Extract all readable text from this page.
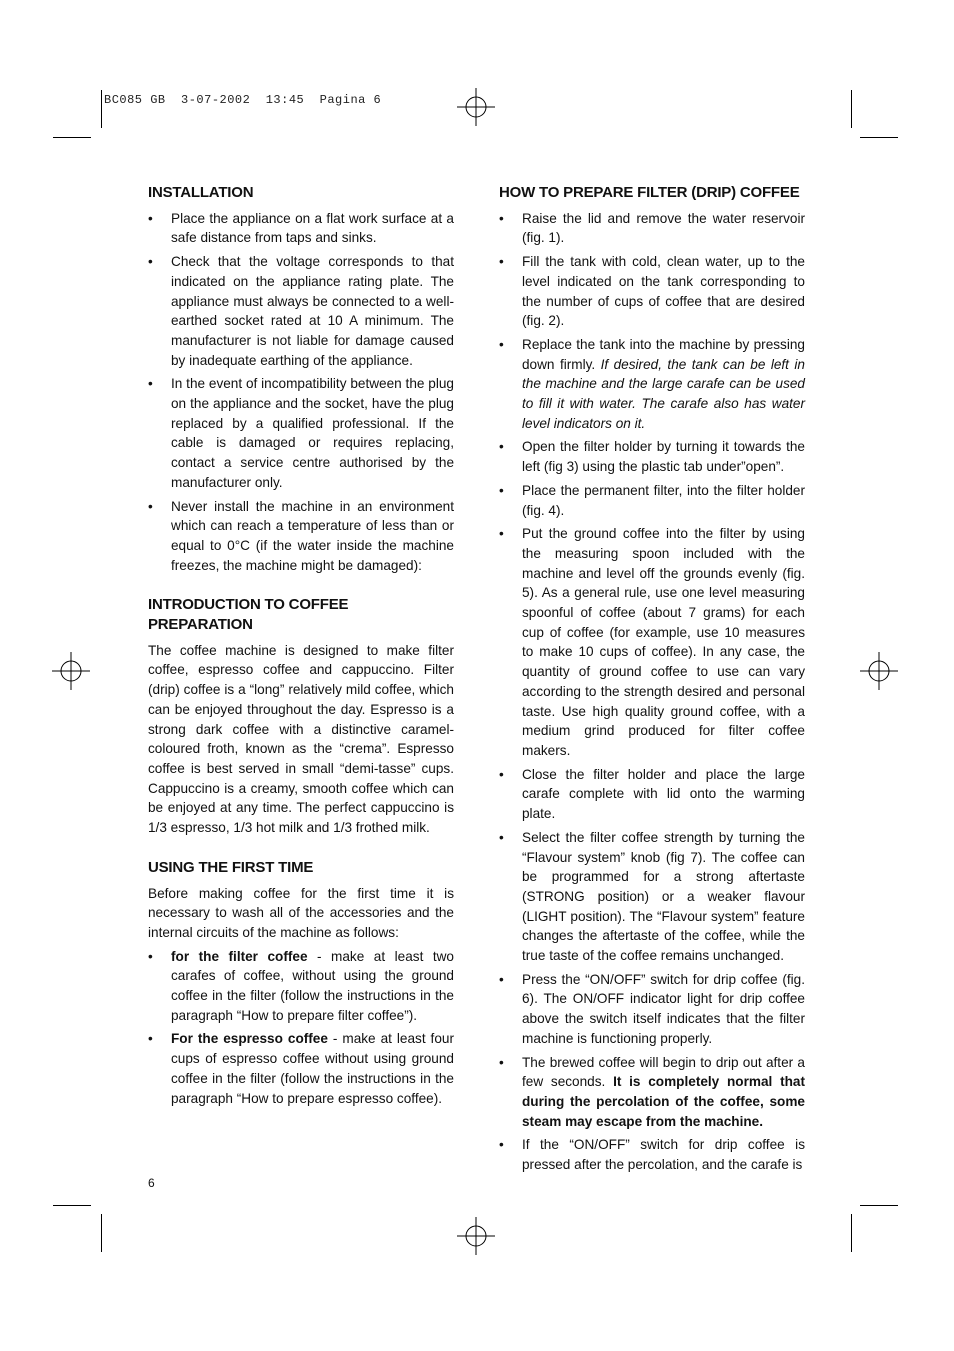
BC085 GB  3-07-2002  13:45  Pagina 6
INSTALLATION
• Place the appliance on a flat work surface at a safe distance from taps and sinks.
• Check that the voltage corresponds to that indicated on the appliance rating plate. The appliance must always be connected to a well-earthed socket rated at 10 A minimum. The manufacturer is not liable for damage caused by inadequate earthing of the appliance.
• In the event of incompatibility between the plug on the appliance and the socket, have the plug replaced by a qualified professional. If the cable is damaged or requires replacing, contact a service centre authorised by the manufacturer only.
• Never install the machine in an environment which can reach a temperature of less than or equal to 0°C (if the water inside the machine freezes, the machine might be damaged):
INTRODUCTION TO COFFEE PREPARATION

The coffee machine is designed to make filter coffee, espresso coffee and cappuccino. Filter (drip) coffee is a “long” relatively mild coffee, which can be enjoyed throughout the day. Espresso is a strong dark coffee with a distinctive caramel-coloured froth, known as the “crema”. Espresso coffee is best served in small “demi-tasse” cups. Cappuccino is a creamy, smooth coffee which can be enjoyed at any time. The perfect cappuccino is 1/3 espresso, 1/3 hot milk and 1/3 frothed milk.

USING THE FIRST TIME

Before making coffee for the first time it is necessary to wash all of the accessories and the internal circuits of the machine as follows:

• for the filter coffee - make at least two carafes of coffee, without using the ground coffee in the filter (follow the instructions in the paragraph “How to prepare filter coffee”).
• For the espresso coffee - make at least four cups of espresso coffee without using ground coffee in the filter (follow the instructions in the paragraph “How to prepare espresso coffee).
HOW TO PREPARE FILTER (DRIP) COFFEE
• Raise the lid and remove the water reservoir (fig. 1).
• Fill the tank with cold, clean water, up to the level indicated on the tank corresponding to the number of cups of coffee that are desired (fig. 2).
• Replace the tank into the machine by pressing down firmly. If desired, the tank can be left in the machine and the large carafe can be used to fill it with water. The carafe also has water level indicators on it.
• Open the filter holder by turning it towards the left (fig 3) using the plastic tab under”open”.
• Place the permanent filter, into the filter holder (fig. 4).
• Put the ground coffee into the filter by using the measuring spoon included with the machine and level off the grounds evenly (fig. 5). As a general rule, use one level measuring spoonful of coffee (about 7 grams) for each cup of coffee (for example, use 10 measures to make 10 cups of coffee). In any case, the quantity of ground coffee to use can vary according to the strength desired and personal taste. Use high quality ground coffee, with a medium grind produced for filter coffee makers.
• Close the filter holder and place the large carafe complete with lid onto the warming plate.
• Select the filter coffee strength by turning the “Flavour system” knob (fig 7). The coffee can be programmed for a strong aftertaste (STRONG position) or a weaker flavour (LIGHT position). The “Flavour system” feature changes the aftertaste of the coffee, while the true taste of the coffee remains unchanged.
• Press the “ON/OFF” switch for drip coffee (fig. 6). The ON/OFF indicator light for drip coffee above the switch itself indicates that the filter machine is functioning properly.
• The brewed coffee will begin to drip out after a few seconds. It is completely normal that during the percolation of the coffee, some steam may escape from the machine.
• If the “ON/OFF” switch for drip coffee is pressed after the percolation, and the carafe is
6
